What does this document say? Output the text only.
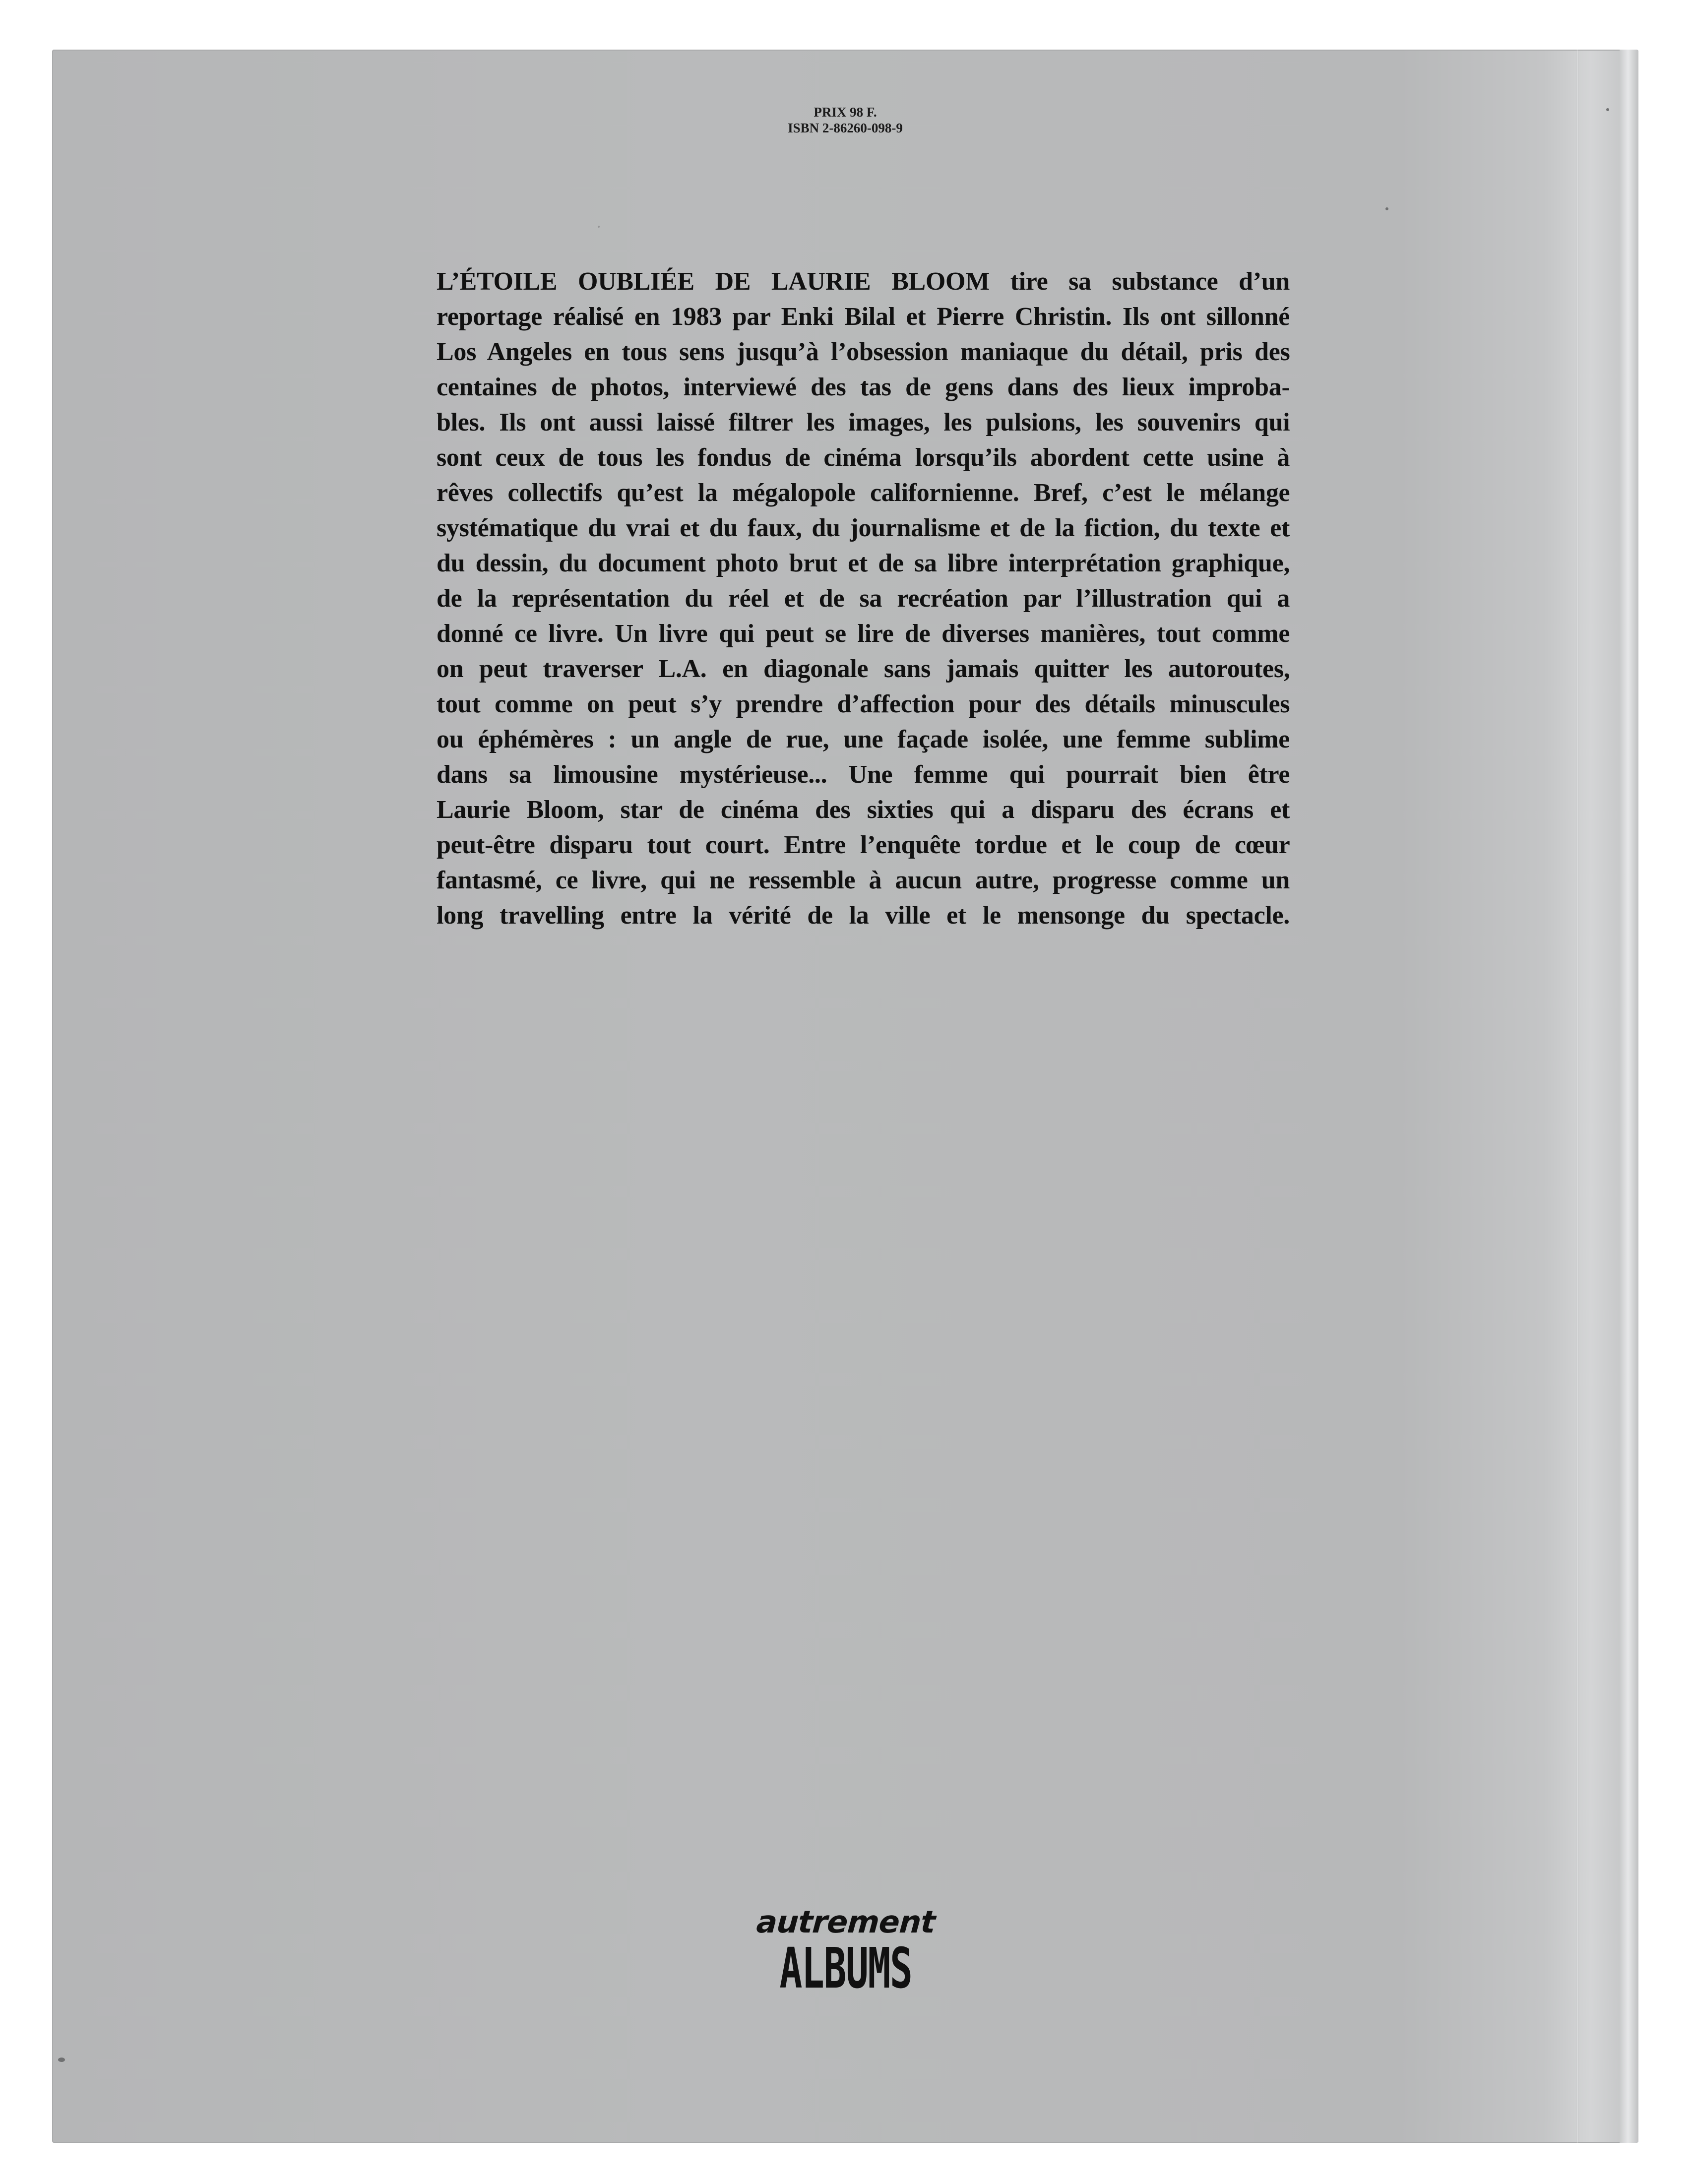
PRIX 98 F.
ISBN 2-86260-098-9
L’ÉTOILE OUBLIÉE DE LAURIE BLOOM tire sa substance d’un
reportage réalisé en 1983 par Enki Bilal et Pierre Christin. Ils ont sillonné
Los Angeles en tous sens jusqu’à l’obsession maniaque du détail, pris des
centaines de photos, interviewé des tas de gens dans des lieux improba-
bles. Ils ont aussi laissé filtrer les images, les pulsions, les souvenirs qui
sont ceux de tous les fondus de cinéma lorsqu’ils abordent cette usine à
rêves collectifs qu’est la mégalopole californienne. Bref, c’est le mélange
systématique du vrai et du faux, du journalisme et de la fiction, du texte et
du dessin, du document photo brut et de sa libre interprétation graphique,
de la représentation du réel et de sa recréation par l’illustration qui a
donné ce livre. Un livre qui peut se lire de diverses manières, tout comme
on peut traverser L.A. en diagonale sans jamais quitter les autoroutes,
tout comme on peut s’y prendre d’affection pour des détails minuscules
ou éphémères : un angle de rue, une façade isolée, une femme sublime
dans sa limousine mystérieuse... Une femme qui pourrait bien être
Laurie Bloom, star de cinéma des sixties qui a disparu des écrans et
peut-être disparu tout court. Entre l’enquête tordue et le coup de cœur
fantasmé, ce livre, qui ne ressemble à aucun autre, progresse comme un
long travelling entre la vérité de la ville et le mensonge du spectacle.
autrement
ALBUMS
